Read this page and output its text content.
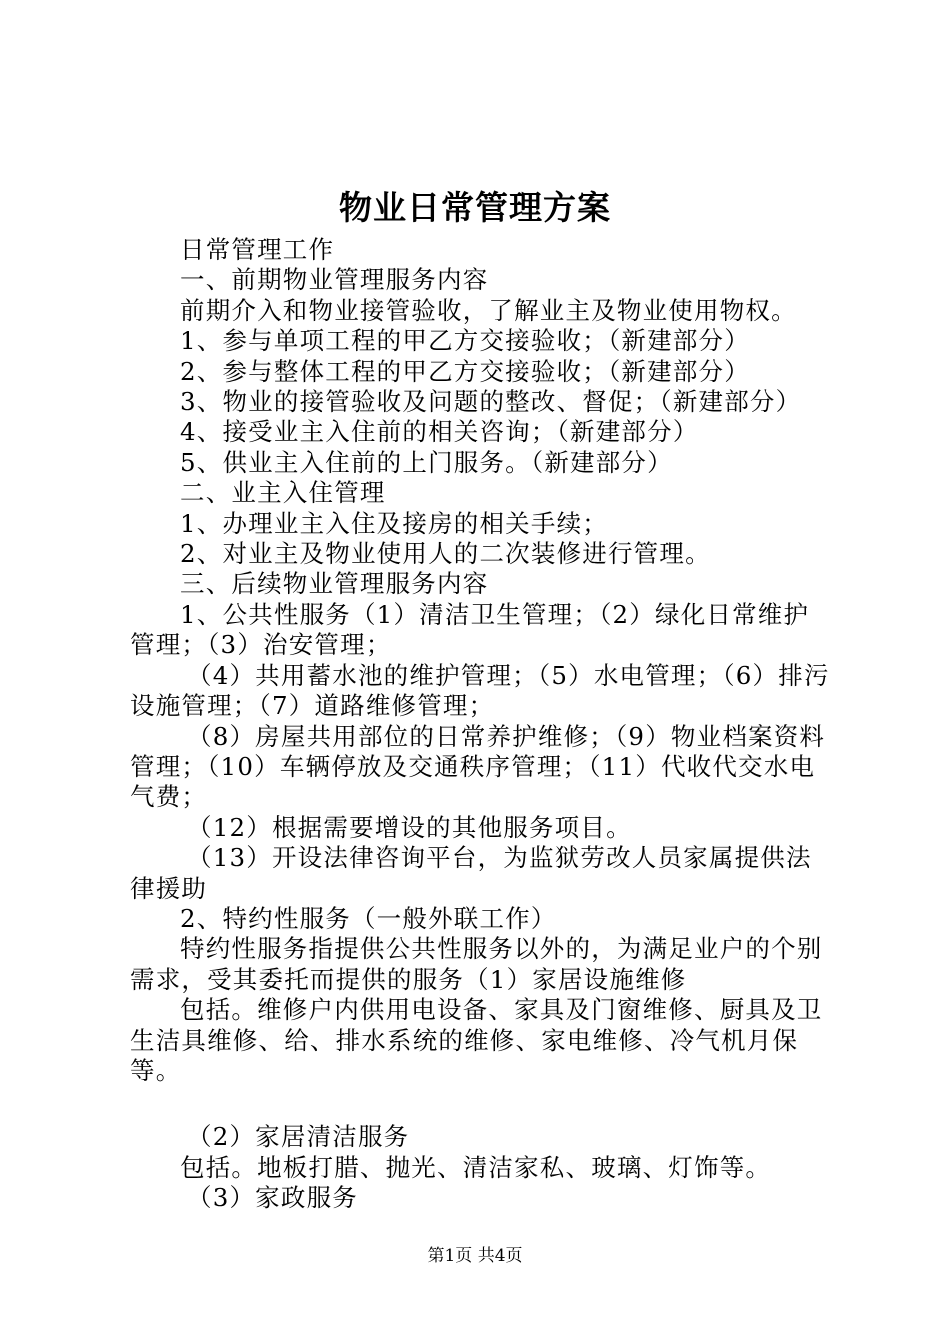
物业日常管理方案

日常管理工作

一、前期物业管理服务内容

前期介入和物业接管验收，了解业主及物业使用物权。

1、参与单项工程的甲乙方交接验收；（新建部分）

2、参与整体工程的甲乙方交接验收；（新建部分）

3、物业的接管验收及问题的整改、督促；（新建部分）

4、接受业主入住前的相关咨询；（新建部分）

5、供业主入住前的上门服务。（新建部分）

二、业主入住管理

1、办理业主入住及接房的相关手续；

2、对业主及物业使用人的二次装修进行管理。

三、后续物业管理服务内容

1、公共性服务（1）清洁卫生管理；（2）绿化日常维护管理；（3）治安管理；

（4）共用蓄水池的维护管理；（5）水电管理；（6）排污设施管理；（7）道路维修管理；

（8）房屋共用部位的日常养护维修；（9）物业档案资料管理；（10）车辆停放及交通秩序管理；（11）代收代交水电气费；

（12）根据需要增设的其他服务项目。

（13）开设法律咨询平台，为监狱劳改人员家属提供法律援助

2、特约性服务（一般外联工作）

特约性服务指提供公共性服务以外的，为满足业户的个别需求，受其委托而提供的服务（1）家居设施维修

包括。维修户内供用电设备、家具及门窗维修、厨具及卫生洁具维修、给、排水系统的维修、家电维修、冷气机月保等。

（2）家居清洁服务

包括。地板打腊、抛光、清洁家私、玻璃、灯饰等。

（3）家政服务

第1页 共4页
